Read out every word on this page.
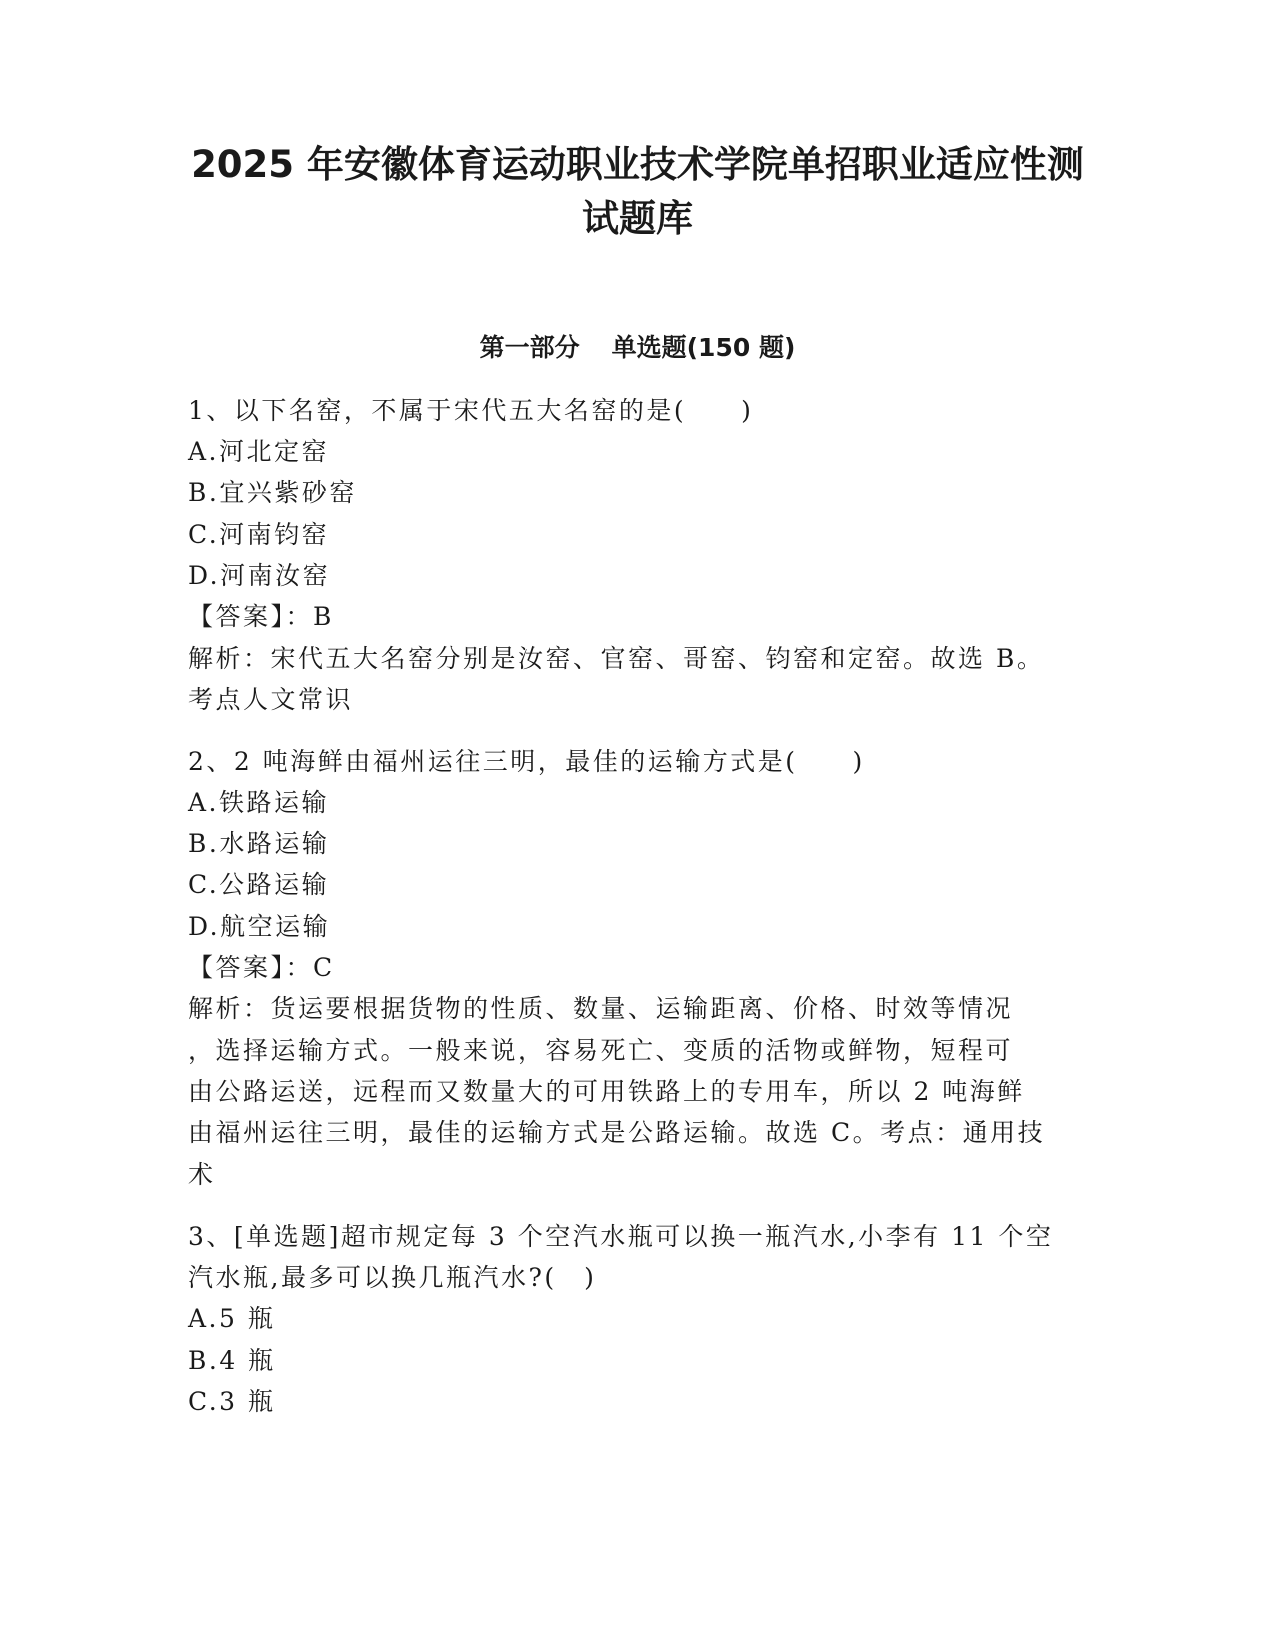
2025 年安徽体育运动职业技术学院单招职业适应性测
试题库
第一部分 单选题(150 题)

1、以下名窑，不属于宋代五大名窑的是(　　)

A.河北定窑

B.宜兴紫砂窑

C.河南钧窑

D.河南汝窑

【答案】：B

解析：宋代五大名窑分别是汝窑、官窑、哥窑、钧窑和定窑。故选 B。

考点人文常识

2、2 吨海鲜由福州运往三明，最佳的运输方式是(　　)

A.铁路运输

B.水路运输

C.公路运输

D.航空运输

【答案】：C

解析：货运要根据货物的性质、数量、运输距离、价格、时效等情况

，选择运输方式。一般来说，容易死亡、变质的活物或鲜物，短程可

由公路运送，远程而又数量大的可用铁路上的专用车，所以 2 吨海鲜

由福州运往三明，最佳的运输方式是公路运输。故选 C。考点：通用技

术

3、[单选题]超市规定每 3 个空汽水瓶可以换一瓶汽水,小李有 11 个空

汽水瓶,最多可以换几瓶汽水?(　)

A.5 瓶

B.4 瓶

C.3 瓶
